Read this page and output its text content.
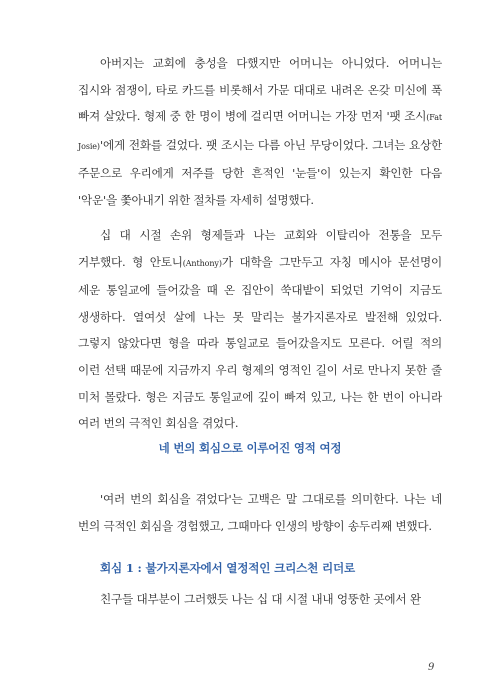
아버지는 교회에 충성을 다했지만 어머니는 아니었다. 어머니는 집시와 점쟁이, 타로 카드를 비롯해서 가문 대대로 내려온 온갖 미신에 푹 빠져 살았다. 형제 중 한 명이 병에 걸리면 어머니는 가장 먼저 '팻 조시(Fat Josie)'에게 전화를 걸었다. 팻 조시는 다름 아닌 무당이었다. 그녀는 요상한 주문으로 우리에게 저주를 당한 흔적인 '눈들'이 있는지 확인한 다음 '악운'을 쫓아내기 위한 절차를 자세히 설명했다.

십 대 시절 손위 형제들과 나는 교회와 이탈리아 전통을 모두 거부했다. 형 안토니(Anthony)가 대학을 그만두고 자칭 메시아 문선명이 세운 통일교에 들어갔을 때 온 집안이 쑥대밭이 되었던 기억이 지금도 생생하다. 열여섯 살에 나는 못 말리는 불가지론자로 발전해 있었다. 그렇지 않았다면 형을 따라 통일교로 들어갔을지도 모른다. 어릴 적의 이런 선택 때문에 지금까지 우리 형제의 영적인 길이 서로 만나지 못한 줄 미처 몰랐다. 형은 지금도 통일교에 깊이 빠져 있고, 나는 한 번이 아니라 여러 번의 극적인 회심을 겪었다.

네 번의 회심으로 이루어진 영적 여정

'여러 번의 회심을 겪었다'는 고백은 말 그대로를 의미한다. 나는 네 번의 극적인 회심을 경험했고, 그때마다 인생의 방향이 송두리째 변했다.

회심 1 : 불가지론자에서 열정적인 크리스천 리더로

친구들 대부분이 그러했듯 나는 십 대 시절 내내 엉뚱한 곳에서 완

9
